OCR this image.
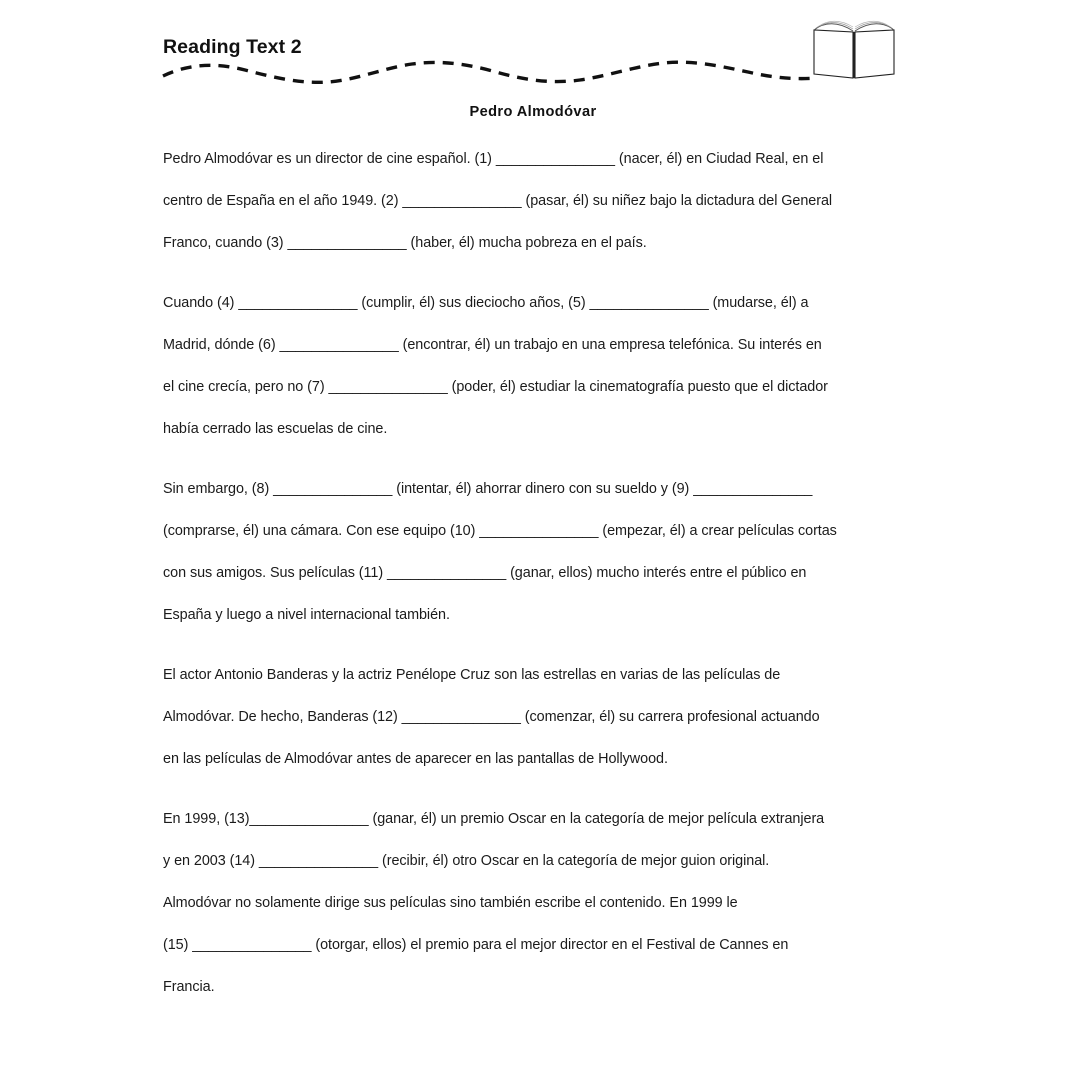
Reading Text 2
Pedro Almodóvar
Pedro Almodóvar es un director de cine español. (1) _______________ (nacer, él) en Ciudad Real, en el
centro de España en el año 1949. (2) _______________ (pasar, él) su niñez bajo la dictadura del General
Franco, cuando (3) _______________ (haber, él) mucha pobreza en el país.
Cuando (4) _______________ (cumplir, él) sus dieciocho años, (5) _______________ (mudarse, él) a
Madrid, dónde (6) _______________ (encontrar, él) un trabajo en una empresa telefónica. Su interés en
el cine crecía, pero no (7) _______________ (poder, él) estudiar la cinematografía puesto que el dictador
había cerrado las escuelas de cine.
Sin embargo, (8) _______________ (intentar, él) ahorrar dinero con su sueldo y (9) _______________
(comprarse, él) una cámara. Con ese equipo (10) _______________ (empezar, él) a crear películas cortas
con sus amigos. Sus películas (11) _______________ (ganar, ellos) mucho interés entre el público en
España y luego a nivel internacional también.
El actor Antonio Banderas y la actriz Penélope Cruz son las estrellas en varias de las películas de
Almodóvar. De hecho, Banderas (12) _______________ (comenzar, él) su carrera profesional actuando
en las películas de Almodóvar antes de aparecer en las pantallas de Hollywood.
En 1999, (13)_______________ (ganar, él) un premio Oscar en la categoría de mejor película extranjera
y en 2003 (14) _______________ (recibir, él) otro Oscar en la categoría de mejor guion original.
Almodóvar no solamente dirige sus películas sino también escribe el contenido. En 1999 le
(15) _______________ (otorgar, ellos) el premio para el mejor director en el Festival de Cannes en
Francia.
